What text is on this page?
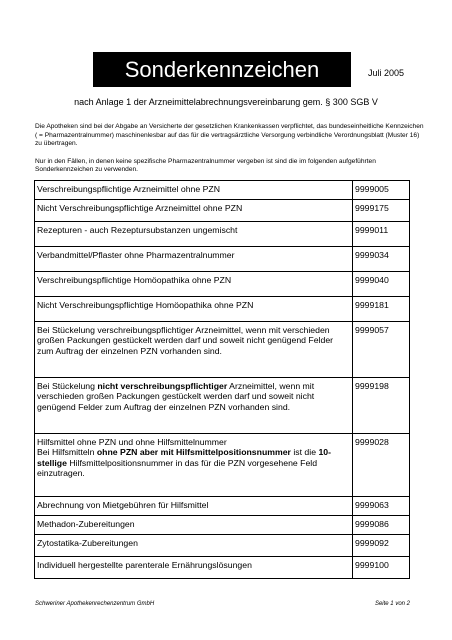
Sonderkennzeichen	Juli 2005
nach Anlage 1 der Arzneimittelabrechnungsvereinbarung gem. § 300 SGB V

Die Apotheken sind bei der Abgabe an Versicherte der gesetzlichen Krankenkassen verpflichtet, das bundeseinheitliche Kennzeichen ( = Pharmazentralnummer) maschinenlesbar auf das für die vertragsärztliche Versorgung verbindliche Verordnungsblatt (Muster 16) zu übertragen.

Nur in den Fällen, in denen keine spezifische Pharmazentralnummer vergeben ist sind die im folgenden aufgeführten Sonderkennzeichen zu verwenden.

Verschreibungspflichtige Arzneimittel ohne PZN	9999005
Nicht Verschreibungspflichtige Arzneimittel ohne PZN	9999175
Rezepturen - auch Rezeptursubstanzen ungemischt	9999011
Verbandmittel/Pflaster ohne Pharmazentralnummer	9999034
Verschreibungspflichtige Homöopathika ohne PZN	9999040
Nicht Verschreibungspflichtige Homöopathika ohne PZN	9999181
Bei Stückelung verschreibungspflichtiger Arzneimittel, wenn mit verschieden großen Packungen gestückelt werden darf und soweit nicht genügend Felder zum Auftrag der einzelnen PZN vorhanden sind.	9999057
Bei Stückelung nicht verschreibungspflichtiger Arzneimittel, wenn mit verschieden großen Packungen gestückelt werden darf und soweit nicht genügend Felder zum Auftrag der einzelnen PZN vorhanden sind.	9999198
Hilfsmittel ohne PZN und ohne Hilfsmittelnummer
Bei Hilfsmitteln ohne PZN aber mit Hilfsmittelpositionsnummer ist die 10-stellige Hilfsmittelpositionsnummer in das für die PZN vorgesehene Feld einzutragen.	9999028
Abrechnung von Mietgebühren für Hilfsmittel	9999063
Methadon-Zubereitungen	9999086
Zytostatika-Zubereitungen	9999092
Individuell hergestellte parenterale Ernährungslösungen	9999100
Schweriner Apothekenrechenzentrum GmbH	Seite 1 von 2
